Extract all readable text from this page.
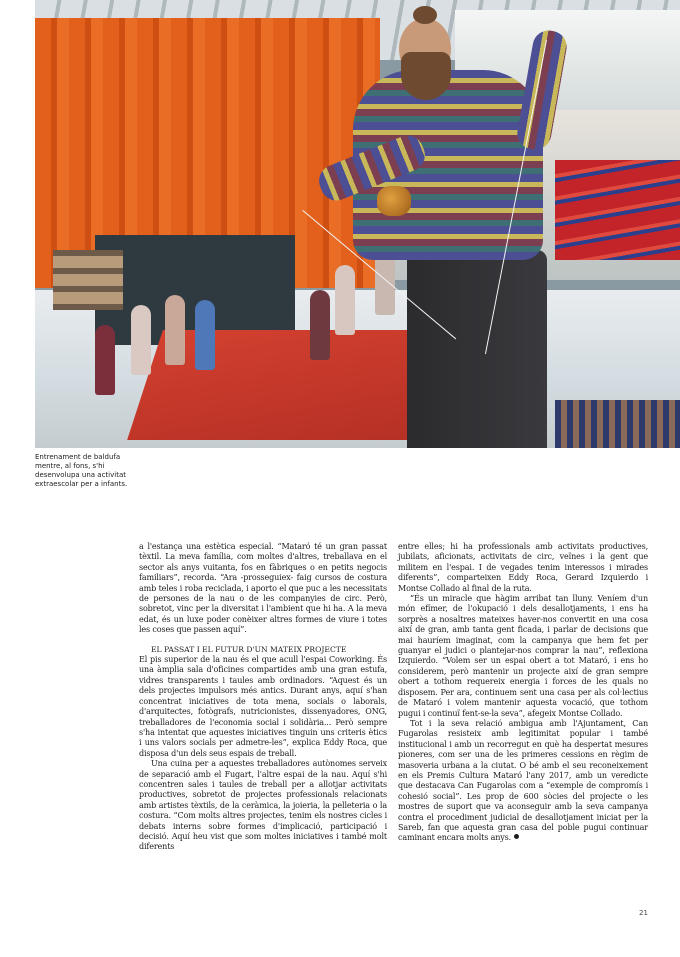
Entrenament de baldufa mentre, al fons, s'hi desenvolupa una activitat extraescolar per a infants.

a l'estança una estètica especial. “Mataró té un gran passat tèxtil. La meva família, com moltes d'altres, treballava en el sector als anys vuitanta, fos en fàbriques o en petits negocis familiars”, recorda. “Ara -prosseguiex- faig cursos de costura amb teles i roba reciclada, i aporto el que puc a les necessitats de persones de la nau o de les companyies de circ. Però, sobretot, vinc per la diversitat i l'ambient que hi ha. A la meva edat, és un luxe poder conèixer altres formes de viure i totes les coses que passen aquí”.

EL PASSAT I EL FUTUR D'UN MATEIX PROJECTE

El pis superior de la nau és el que acull l'espai Coworking. És una àmplia sala d'oficines compartides amb una gran estufa, vidres transparents i taules amb ordinadors. “Aquest és un dels projectes impulsors més antics. Durant anys, aquí s'han concentrat iniciatives de tota mena, socials o laborals, d'arquitectes, fotògrafs, nutricionistes, dissenyadores, ONG, treballadores de l'economia social i solidària... Però sempre s'ha intentat que aquestes iniciatives tinguin uns criteris ètics i uns valors socials per admetre-les”, explica Eddy Roca, que disposa d'un dels seus espais de treball.

Una cuina per a aquestes treballadores autònomes serveix de separació amb el Fugart, l'altre espai de la nau. Aquí s'hi concentren sales i taules de treball per a allotjar activitats productives, sobretot de projectes professionals relacionats amb artistes tèxtils, de la ceràmica, la joieria, la pelleteria o la costura. “Com molts altres projectes, tenim els nostres cicles i debats interns sobre formes d'implicació, participació i decisió. Aquí heu vist que som moltes iniciatives i també molt diferents

entre elles; hi ha professionals amb activitats productives, jubilats, aficionats, activitats de circ, veïnes i la gent que militem en l'espai. I de vegades tenim interessos i mirades diferents”, comparteixen Eddy Roca, Gerard Izquierdo i Montse Collado al final de la ruta.

“És un miracle que hàgim arribat tan lluny. Veníem d'un món efímer, de l'okupació i dels desallotjaments, i ens ha sorprès a nosaltres mateixes haver-nos convertit en una cosa així de gran, amb tanta gent ficada, i parlar de decisions que mai hauríem imaginat, com la campanya que hem fet per guanyar el judici o plantejar-nos comprar la nau”, reflexiona Izquierdo. “Volem ser un espai obert a tot Mataró, i ens ho considerem, però mantenir un projecte així de gran sempre obert a tothom requereix energia i forces de les quals no disposem. Per ara, continuem sent una casa per als col·lectius de Mataró i volem mantenir aquesta vocació, que tothom pugui i continuï fent-se-la seva”, afegeix Montse Collado.

Tot i la seva relació ambigua amb l'Ajuntament, Can Fugarolas resisteix amb legitimitat popular i també institucional i amb un recorregut en què ha despertat mesures pioneres, com ser una de les primeres cessions en règim de masoveria urbana a la ciutat. O bé amb el seu reconeixement en els Premis Cultura Mataró l'any 2017, amb un veredicte que destacava Can Fugarolas com a “exemple de compromís i cohesió social”. Les prop de 600 sòcies del projecte o les mostres de suport que va aconseguir amb la seva campanya contra el procediment judicial de desallotjament iniciat per la Sareb, fan que aquesta gran casa del poble pugui continuar caminant encara molts anys.

21
